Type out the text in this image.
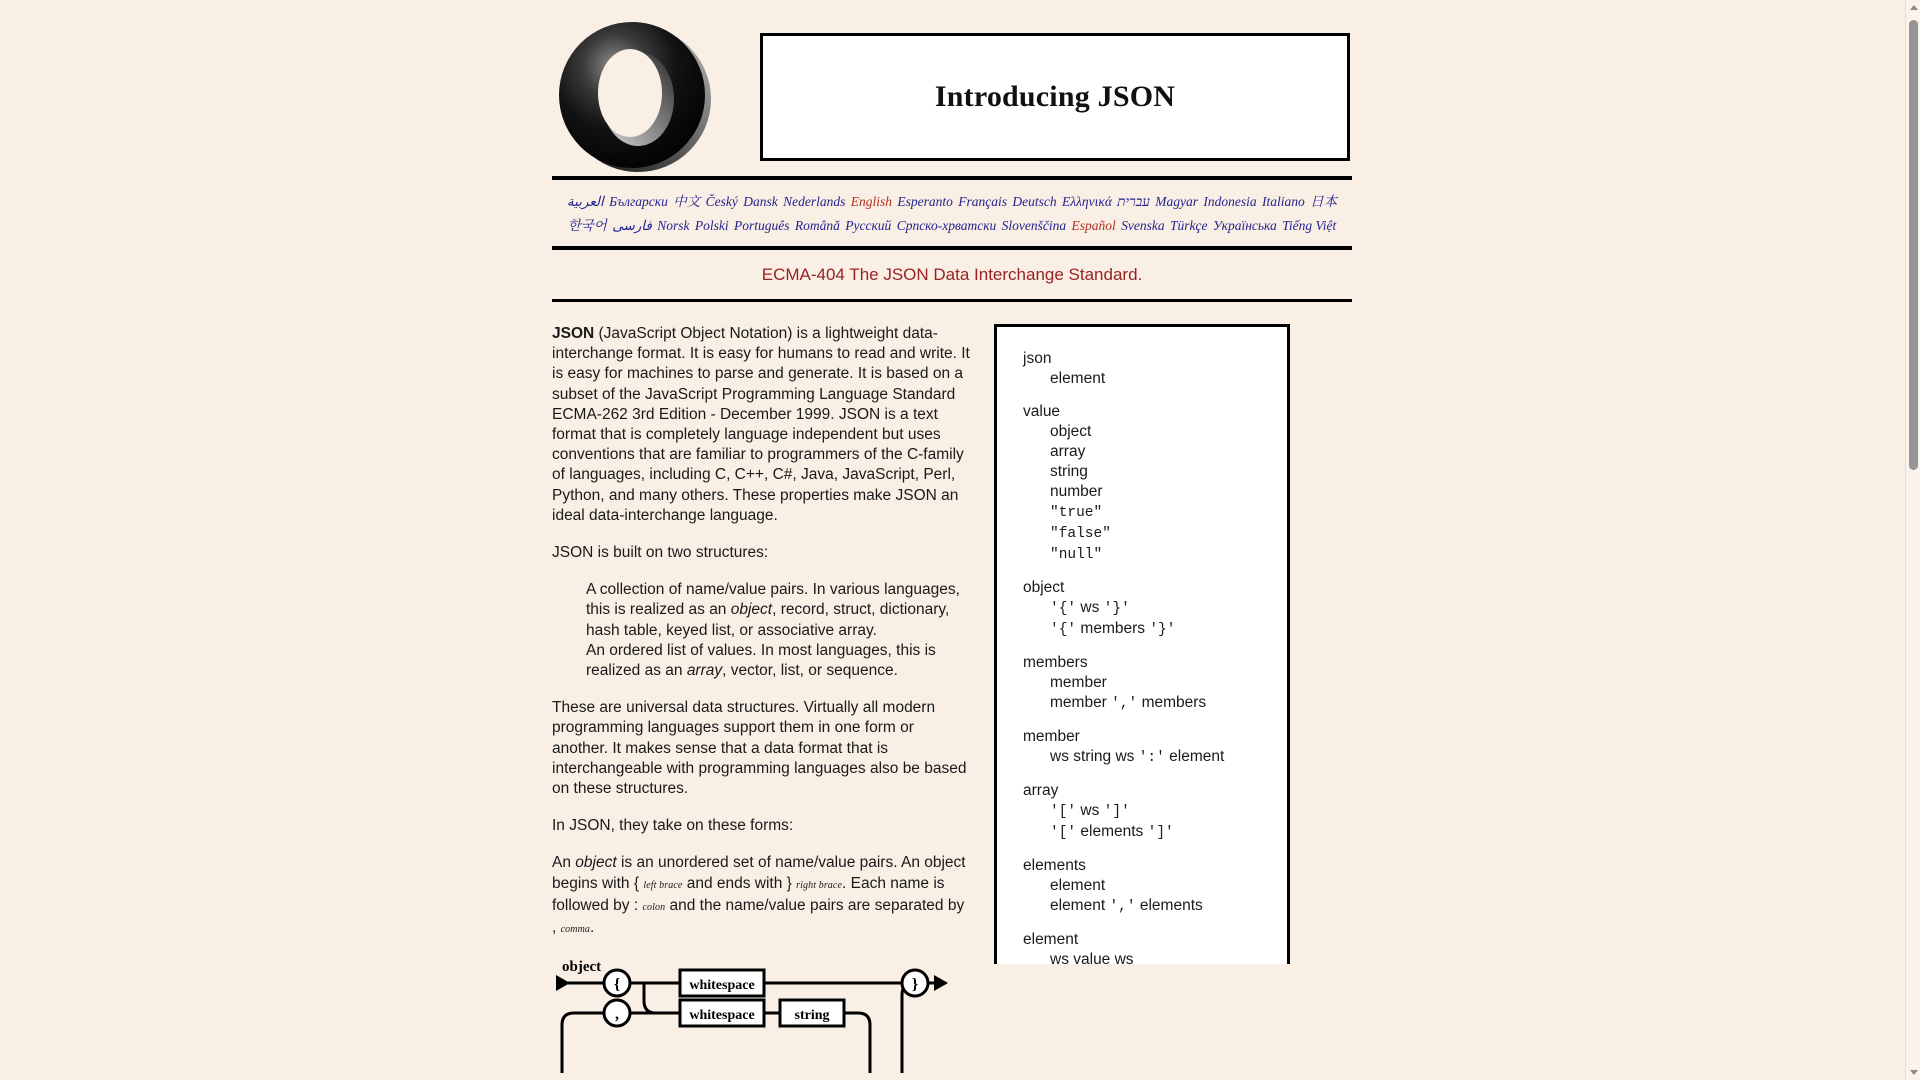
Introducing JSON
العربية Български 中文 Český Dansk Nederlands English Esperanto Français Deutsch Ελληνικά עברית Magyar Indonesia Italiano 日本
한국어 فارسی Norsk Polski Português Română Русский Српско-хрватски Slovenščina Español Svenska Türkçe Українська Tiếng Việt
ECMA-404 The JSON Data Interchange Standard.

JSON (JavaScript Object Notation) is a lightweight data-interchange format. It is easy for humans to read and write. It is easy for machines to parse and generate. It is based on a subset of the JavaScript Programming Language Standard ECMA-262 3rd Edition - December 1999. JSON is a text format that is completely language independent but uses conventions that are familiar to programmers of the C-family of languages, including C, C++, C#, Java, JavaScript, Perl, Python, and many others. These properties make JSON an ideal data-interchange language.

JSON is built on two structures:

A collection of name/value pairs. In various languages, this is realized as an object, record, struct, dictionary, hash table, keyed list, or associative array.
An ordered list of values. In most languages, this is realized as an array, vector, list, or sequence.

These are universal data structures. Virtually all modern programming languages support them in one form or another. It makes sense that a data format that is interchangeable with programming languages also be based on these structures.

In JSON, they take on these forms:

An object is an unordered set of name/value pairs. An object begins with { left brace and ends with } right brace. Each name is followed by : colon and the name/value pairs are separated by , comma.

{
,
}
whitespace
whitespace	string
object
json
element
value
object
array
string
number
"true"
"false"
"null"
object
'{' ws '}'
'{' members '}'
members
member
member ',' members
member
ws string ws ':' element
array
'[' ws ']'
'[' elements ']'
elements
element
element ',' elements
element
ws value ws
